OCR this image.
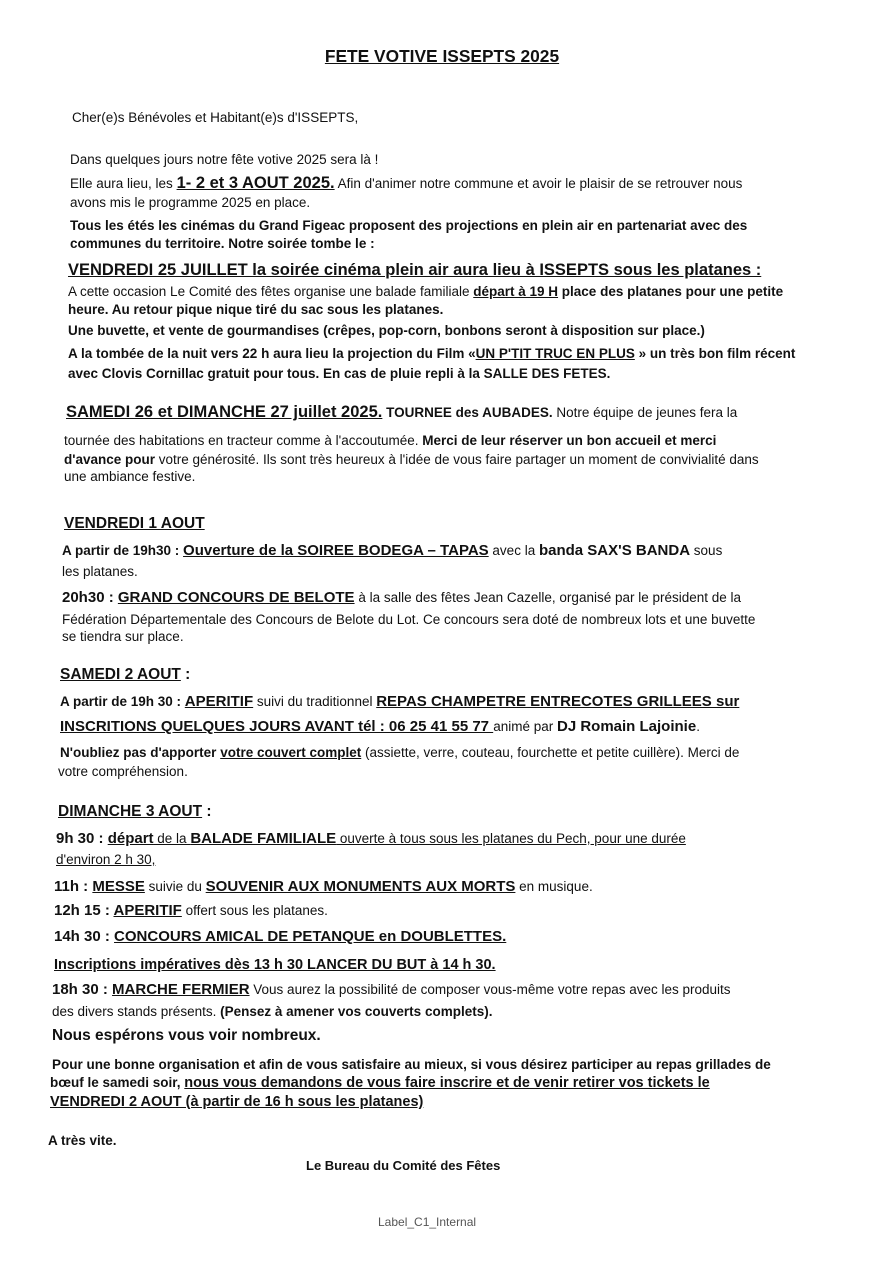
FETE VOTIVE ISSEPTS 2025
Cher(e)s Bénévoles et Habitant(e)s d'ISSEPTS,
Dans quelques jours notre fête votive 2025 sera là !
Elle aura lieu, les 1- 2 et 3 AOUT 2025. Afin d'animer notre commune et avoir le plaisir de se retrouver nous
avons mis le programme 2025 en place.
Tous les étés les cinémas du Grand Figeac proposent des projections en plein air en partenariat avec des
communes du territoire. Notre soirée tombe le :
VENDREDI 25 JUILLET la soirée cinéma plein air aura lieu à ISSEPTS sous les platanes :
A cette occasion Le Comité des fêtes organise une balade familiale départ à 19 H place des platanes pour une petite
heure. Au retour pique nique tiré du sac sous les platanes.
Une buvette, et vente de gourmandises (crêpes, pop-corn, bonbons seront à disposition sur place.)
A la tombée de la nuit vers 22 h aura lieu la projection du Film «UN P'TIT TRUC EN PLUS » un très bon film récent
avec Clovis Cornillac gratuit pour tous. En cas de pluie repli à la SALLE DES FETES.
SAMEDI 26 et DIMANCHE 27 juillet 2025. TOURNEE des AUBADES. Notre équipe de jeunes fera la
tournée des habitations en tracteur comme à l'accoutumée. Merci de leur réserver un bon accueil et merci
d'avance pour votre générosité. Ils sont très heureux à l'idée de vous faire partager un moment de convivialité dans
une ambiance festive.
VENDREDI 1 AOUT
A partir de 19h30 : Ouverture de la SOIREE BODEGA – TAPAS avec la banda SAX'S BANDA sous
les platanes.
20h30 : GRAND CONCOURS DE BELOTE à la salle des fêtes Jean Cazelle, organisé par le président de la
Fédération Départementale des Concours de Belote du Lot. Ce concours sera doté de nombreux lots et une buvette
se tiendra sur place.
SAMEDI 2 AOUT :
A partir de 19h 30 : APERITIF suivi du traditionnel REPAS CHAMPETRE ENTRECOTES GRILLEES sur
INSCRITIONS QUELQUES JOURS AVANT tél : 06 25 41 55 77 animé par DJ Romain Lajoinie.
N'oubliez pas d'apporter votre couvert complet (assiette, verre, couteau, fourchette et petite cuillère). Merci de
votre compréhension.
DIMANCHE 3 AOUT :
9h 30 : départ de la BALADE FAMILIALE ouverte à tous sous les platanes du Pech, pour une durée
d'environ 2 h 30,
11h : MESSE suivie du SOUVENIR AUX MONUMENTS AUX MORTS en musique.
12h 15 : APERITIF offert sous les platanes.
14h 30 : CONCOURS AMICAL DE PETANQUE en DOUBLETTES.
Inscriptions impératives dès 13 h 30 LANCER DU BUT à 14 h 30.
18h 30 : MARCHE FERMIER Vous aurez la possibilité de composer vous-même votre repas avec les produits
des divers stands présents. (Pensez à amener vos couverts complets).
Nous espérons vous voir nombreux.
Pour une bonne organisation et afin de vous satisfaire au mieux, si vous désirez participer au repas grillades de
bœuf le samedi soir, nous vous demandons de vous faire inscrire et de venir retirer vos tickets le
VENDREDI 2 AOUT (à partir de 16 h sous les platanes)
A très vite.
Le Bureau du Comité des Fêtes
Label_C1_Internal
